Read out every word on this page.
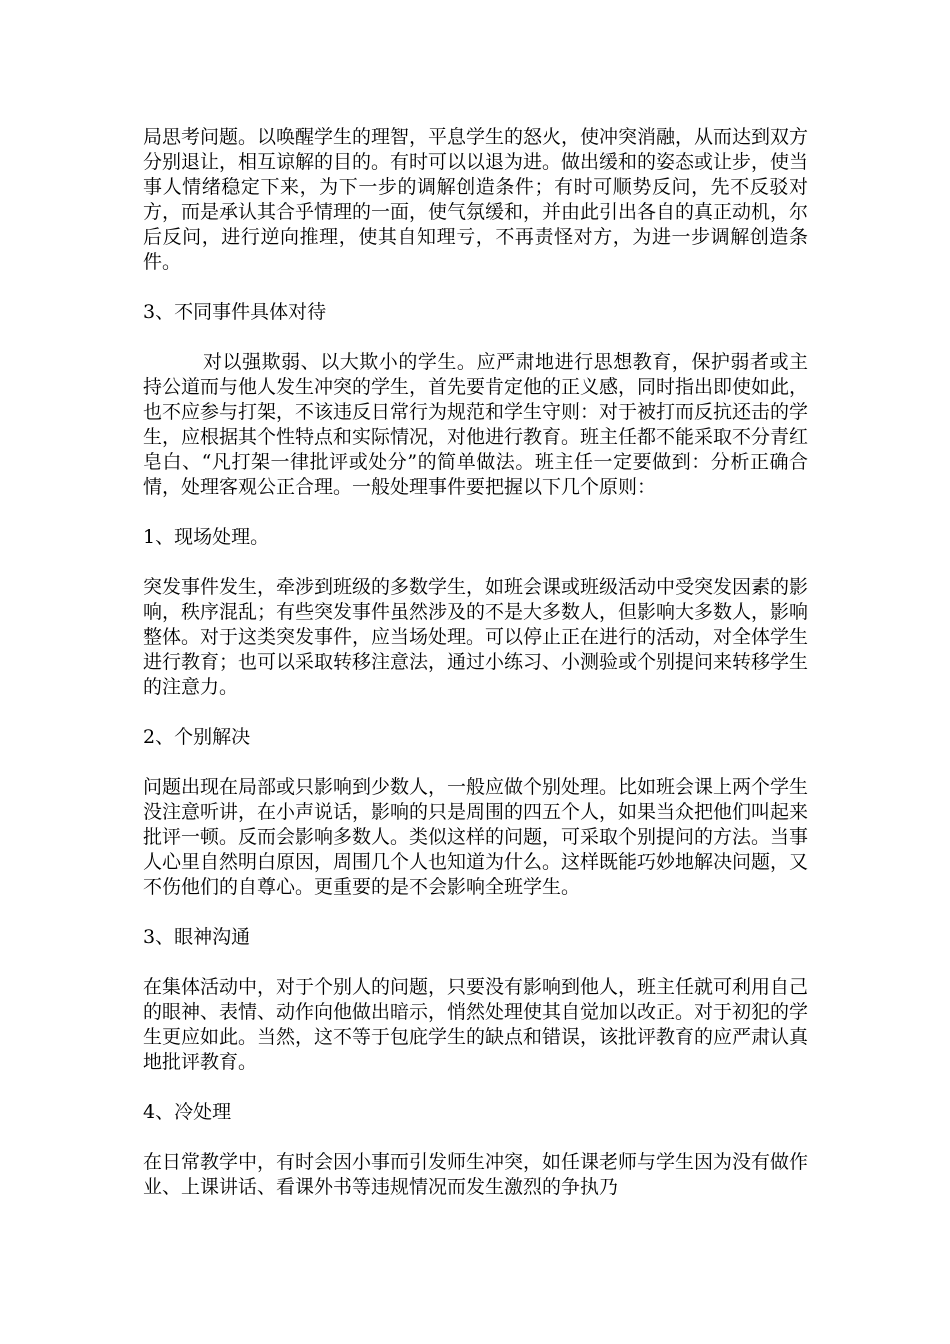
局思考问题。以唤醒学生的理智，平息学生的怒火，使冲突消融，从而达到双方分别退让，相互谅解的目的。有时可以以退为进。做出缓和的姿态或让步，使当事人情绪稳定下来，为下一步的调解创造条件；有时可顺势反问，先不反驳对方，而是承认其合乎情理的一面，使气氛缓和，并由此引出各自的真正动机，尔后反问，进行逆向推理，使其自知理亏，不再责怪对方，为进一步调解创造条件。

3、不同事件具体对待

对以强欺弱、以大欺小的学生。应严肃地进行思想教育，保护弱者或主持公道而与他人发生冲突的学生，首先要肯定他的正义感，同时指出即使如此，也不应参与打架，不该违反日常行为规范和学生守则：对于被打而反抗还击的学生，应根据其个性特点和实际情况，对他进行教育。班主任都不能采取不分青红皂白、“凡打架一律批评或处分”的简单做法。班主任一定要做到：分析正确合情，处理客观公正合理。一般处理事件要把握以下几个原则：

1、现场处理。

突发事件发生，牵涉到班级的多数学生，如班会课或班级活动中受突发因素的影响，秩序混乱；有些突发事件虽然涉及的不是大多数人，但影响大多数人，影响整体。对于这类突发事件，应当场处理。可以停止正在进行的活动，对全体学生进行教育；也可以采取转移注意法，通过小练习、小测验或个别提问来转移学生的注意力。

2、个别解决

问题出现在局部或只影响到少数人，一般应做个别处理。比如班会课上两个学生没注意听讲，在小声说话，影响的只是周围的四五个人，如果当众把他们叫起来批评一顿。反而会影响多数人。类似这样的问题，可采取个别提问的方法。当事人心里自然明白原因，周围几个人也知道为什么。这样既能巧妙地解决问题，又不伤他们的自尊心。更重要的是不会影响全班学生。

3、眼神沟通

在集体活动中，对于个别人的问题，只要没有影响到他人，班主任就可利用自己的眼神、表情、动作向他做出暗示，悄然处理使其自觉加以改正。对于初犯的学生更应如此。当然，这不等于包庇学生的缺点和错误，该批评教育的应严肃认真地批评教育。

4、冷处理

在日常教学中，有时会因小事而引发师生冲突，如任课老师与学生因为没有做作业、上课讲话、看课外书等违规情况而发生激烈的争执乃
